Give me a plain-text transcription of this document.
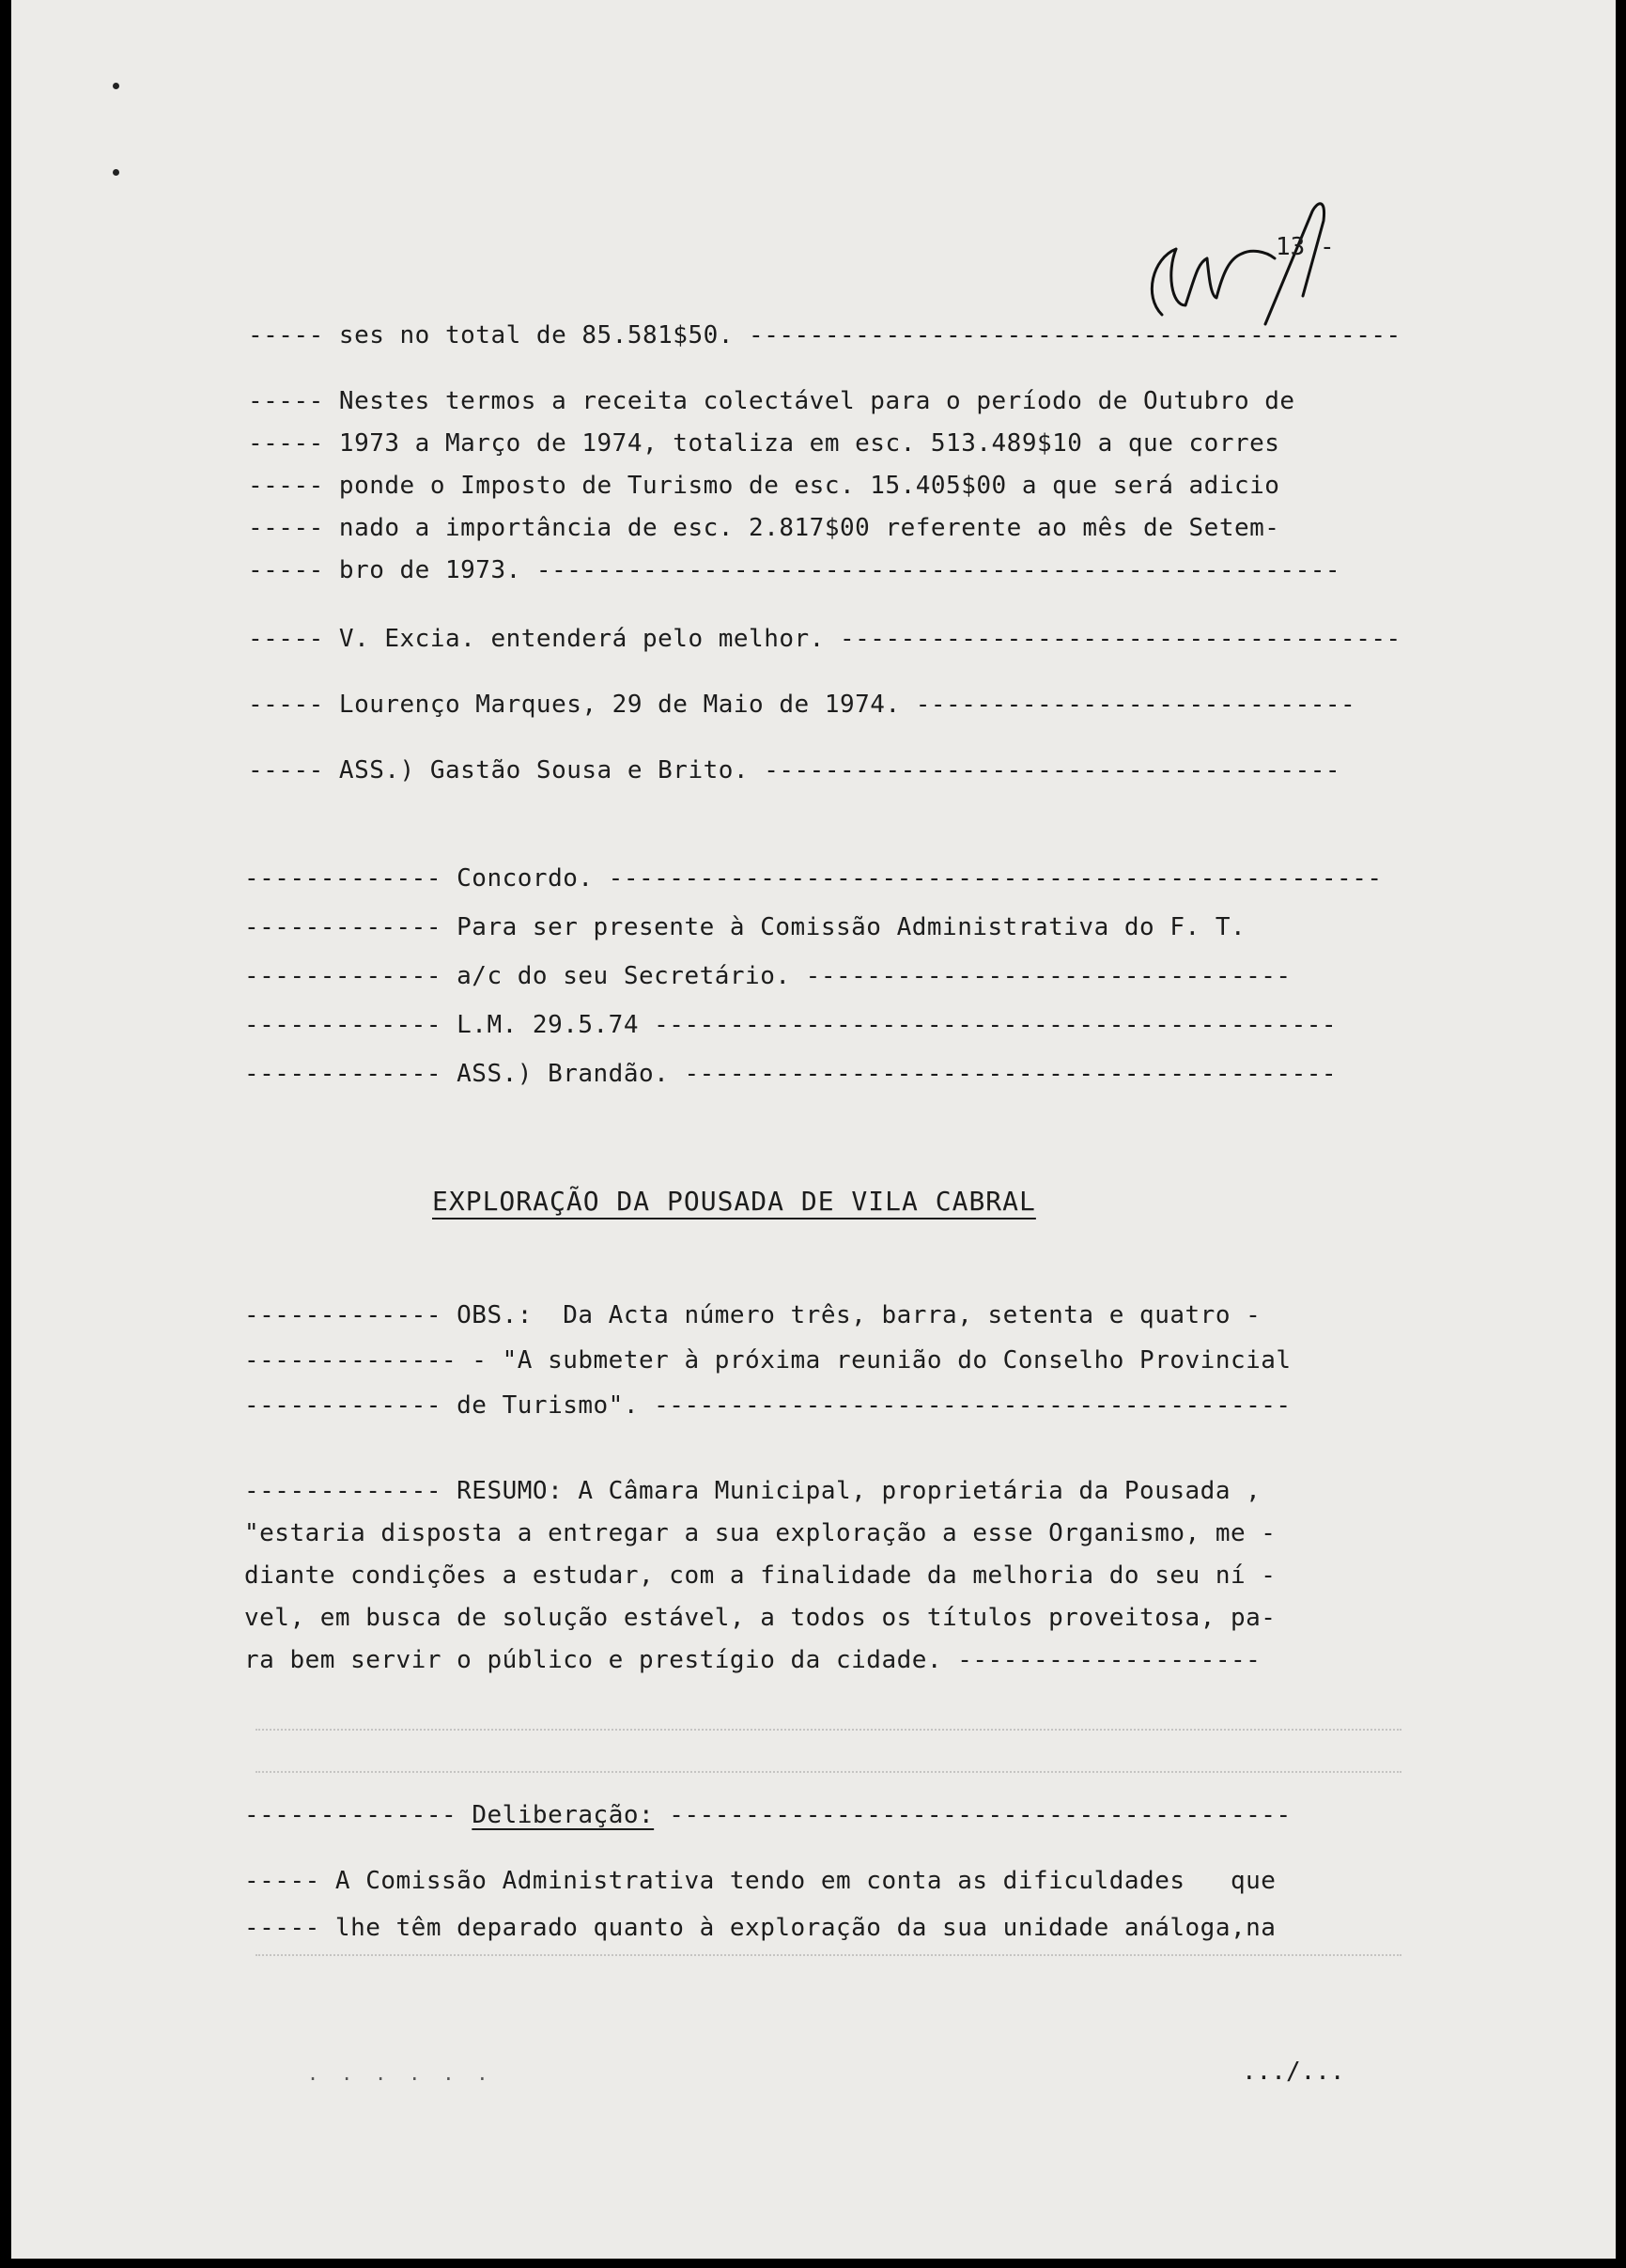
13 -
----- ses no total de 85.581$50. -------------------------------------------
----- Nestes termos a receita colectável para o período de Outubro de
----- 1973 a Março de 1974, totaliza em esc. 513.489$10 a que corres
----- ponde o Imposto de Turismo de esc. 15.405$00 a que será adicio
----- nado a importância de esc. 2.817$00 referente ao mês de Setem-
----- bro de 1973. -----------------------------------------------------
----- V. Excia. entenderá pelo melhor. -------------------------------------
----- Lourenço Marques, 29 de Maio de 1974. -----------------------------
----- ASS.) Gastão Sousa e Brito. --------------------------------------
------------- Concordo. ---------------------------------------------------
------------- Para ser presente à Comissão Administrativa do F. T.
------------- a/c do seu Secretário. --------------------------------
------------- L.M. 29.5.74 ---------------------------------------------
------------- ASS.) Brandão. -------------------------------------------
EXPLORAÇÃO DA POUSADA DE VILA CABRAL
------------- OBS.:  Da Acta número três, barra, setenta e quatro -
-------------- - "A submeter à próxima reunião do Conselho Provincial
------------- de Turismo". ------------------------------------------
------------- RESUMO: A Câmara Municipal, proprietária da Pousada ,
"estaria disposta a entregar a sua exploração a esse Organismo, me -
diante condições a estudar, com a finalidade da melhoria do seu ní -
vel, em busca de solução estável, a todos os títulos proveitosa, pa-
ra bem servir o público e prestígio da cidade. --------------------
-------------- Deliberação: -----------------------------------------
----- A Comissão Administrativa tendo em conta as dificuldades   que
----- lhe têm deparado quanto à exploração da sua unidade análoga,na
. . . . . .	.../...
